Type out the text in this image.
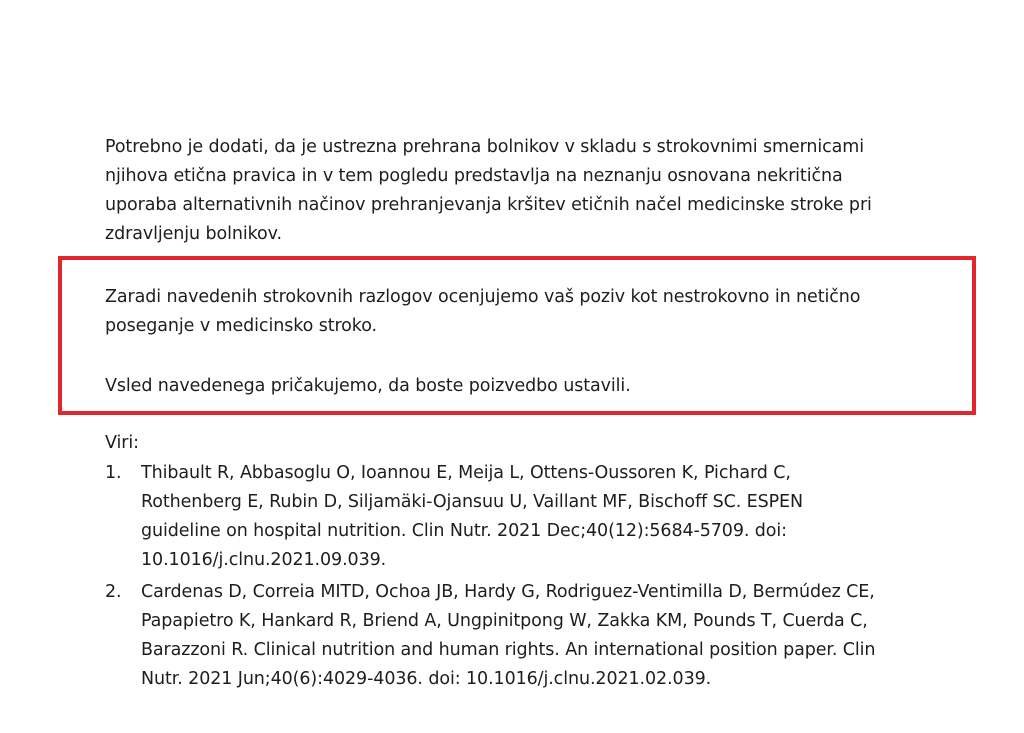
Potrebno je dodati, da je ustrezna prehrana bolnikov v skladu s strokovnimi smernicami
njihova etična pravica in v tem pogledu predstavlja na neznanju osnovana nekritična
uporaba alternativnih načinov prehranjevanja kršitev etičnih načel medicinske stroke pri
zdravljenju bolnikov.

Zaradi navedenih strokovnih razlogov ocenjujemo vaš poziv kot nestrokovno in netično
poseganje v medicinsko stroko.

Vsled navedenega pričakujemo, da boste poizvedbo ustavili.

Viri:

1. Thibault R, Abbasoglu O, Ioannou E, Meija L, Ottens-Oussoren K, Pichard C,
Rothenberg E, Rubin D, Siljamäki-Ojansuu U, Vaillant MF, Bischoff SC. ESPEN
guideline on hospital nutrition. Clin Nutr. 2021 Dec;40(12):5684-5709. doi:
10.1016/j.clnu.2021.09.039.
2. Cardenas D, Correia MITD, Ochoa JB, Hardy G, Rodriguez-Ventimilla D, Bermúdez CE,
Papapietro K, Hankard R, Briend A, Ungpinitpong W, Zakka KM, Pounds T, Cuerda C,
Barazzoni R. Clinical nutrition and human rights. An international position paper. Clin
Nutr. 2021 Jun;40(6):4029-4036. doi: 10.1016/j.clnu.2021.02.039.
